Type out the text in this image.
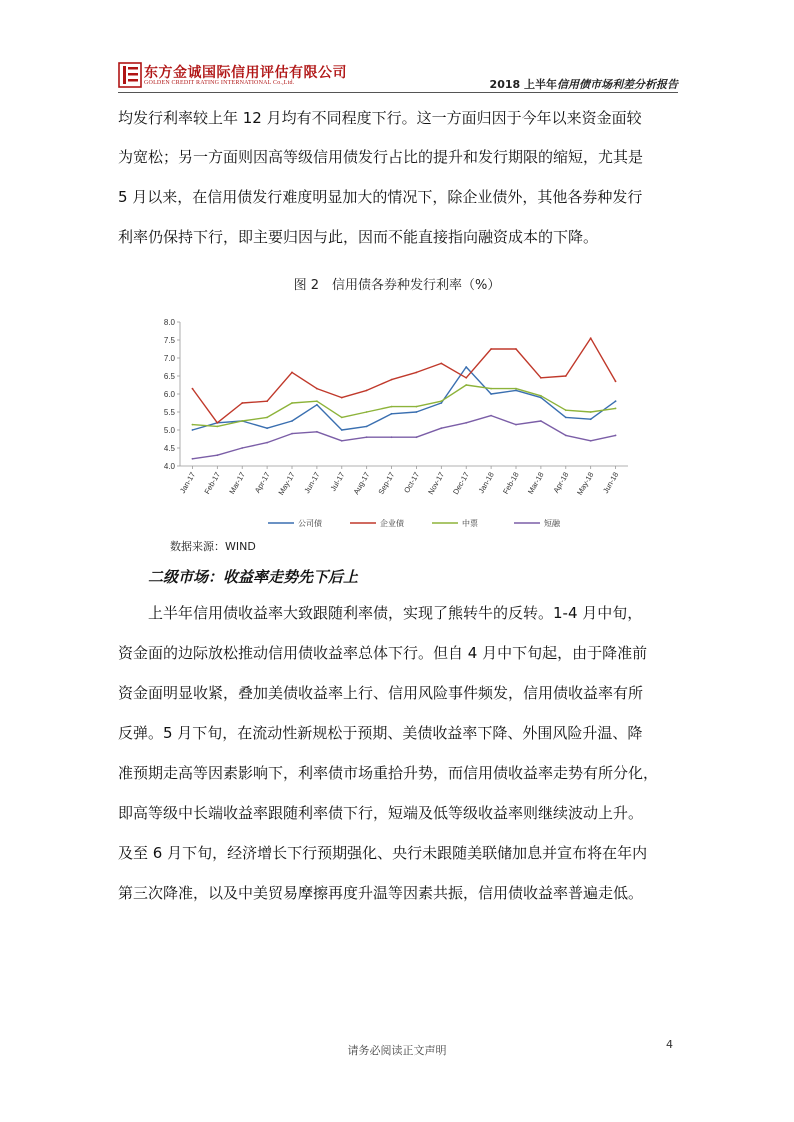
东方金诚国际信用评估有限公司
GOLDEN CREDIT RATING INTERNATIONAL Co.,Ltd.	2018 上半年信用债市场利差分析报告
均发行利率较上年 12 月均有不同程度下行。这一方面归因于今年以来资金面较
为宽松；另一方面则因高等级信用债发行占比的提升和发行期限的缩短，尤其是
5 月以来，在信用债发行难度明显加大的情况下，除企业债外，其他各券种发行
利率仍保持下行，即主要归因与此，因而不能直接指向融资成本的下降。
图 2　信用债各券种发行利率（%）
4.0
4.5
5.0
5.5
6.0
6.5
7.0
7.5
8.0
Jan-17 Feb-17 Mar-17 Apr-17 May-17 Jun-17 Jul-17 Aug-17 Sep-17 Oct-17 Nov-17 Dec-17 Jan-18 Feb-18 Mar-18 Apr-18 May-18 Jun-18
公司债	企业债	中票	短融
数据来源：WIND
二级市场：收益率走势先下后上
上半年信用债收益率大致跟随利率债，实现了熊转牛的反转。1-4 月中旬，
资金面的边际放松推动信用债收益率总体下行。但自 4 月中下旬起，由于降准前
资金面明显收紧，叠加美债收益率上行、信用风险事件频发，信用债收益率有所
反弹。5 月下旬，在流动性新规松于预期、美债收益率下降、外围风险升温、降
准预期走高等因素影响下，利率债市场重拾升势，而信用债收益率走势有所分化，
即高等级中长端收益率跟随利率债下行，短端及低等级收益率则继续波动上升。
及至 6 月下旬，经济增长下行预期强化、央行未跟随美联储加息并宣布将在年内
第三次降准，以及中美贸易摩擦再度升温等因素共振，信用债收益率普遍走低。
请务必阅读正文声明	4
